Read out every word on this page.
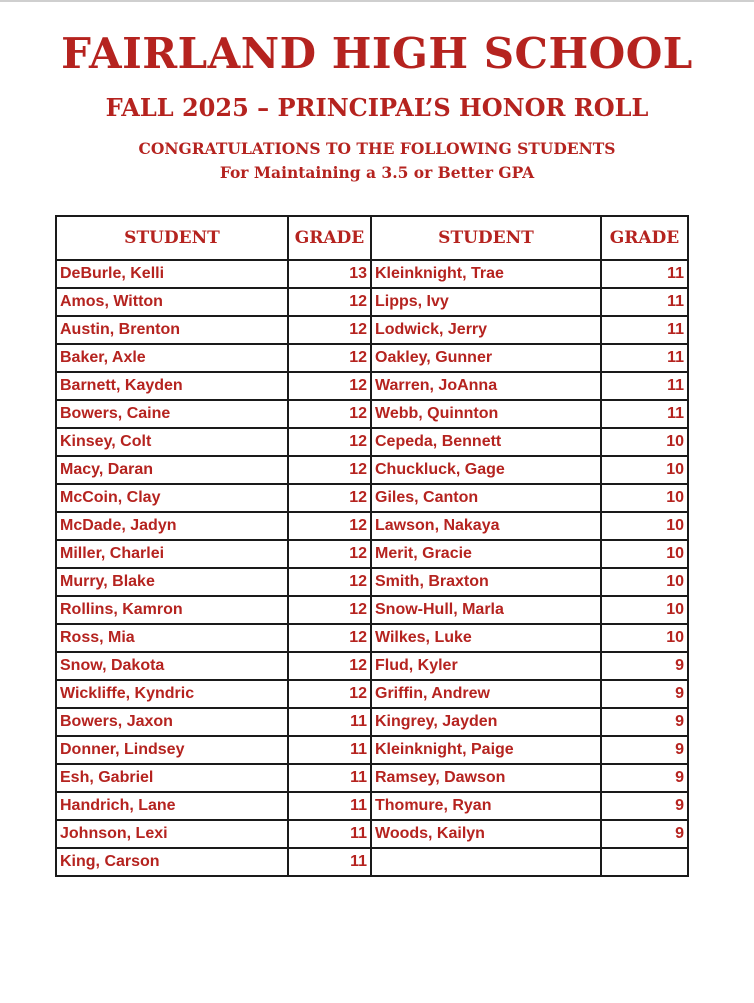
FAIRLAND HIGH SCHOOL
FALL 2025 – PRINCIPAL’S HONOR ROLL
CONGRATULATIONS TO THE FOLLOWING STUDENTS
For Maintaining a 3.5 or Better GPA
STUDENT	GRADE	STUDENT	GRADE
DeBurle, Kelli	13	Kleinknight, Trae	11
Amos, Witton	12	Lipps, Ivy	11
Austin, Brenton	12	Lodwick, Jerry	11
Baker, Axle	12	Oakley, Gunner	11
Barnett, Kayden	12	Warren, JoAnna	11
Bowers, Caine	12	Webb, Quinnton	11
Kinsey, Colt	12	Cepeda, Bennett	10
Macy, Daran	12	Chuckluck, Gage	10
McCoin, Clay	12	Giles, Canton	10
McDade, Jadyn	12	Lawson, Nakaya	10
Miller, Charlei	12	Merit, Gracie	10
Murry, Blake	12	Smith, Braxton	10
Rollins, Kamron	12	Snow-Hull, Marla	10
Ross, Mia	12	Wilkes, Luke	10
Snow, Dakota	12	Flud, Kyler	9
Wickliffe, Kyndric	12	Griffin, Andrew	9
Bowers, Jaxon	11	Kingrey, Jayden	9
Donner, Lindsey	11	Kleinknight, Paige	9
Esh, Gabriel	11	Ramsey, Dawson	9
Handrich, Lane	11	Thomure, Ryan	9
Johnson, Lexi	11	Woods, Kailyn	9
King, Carson	11		
